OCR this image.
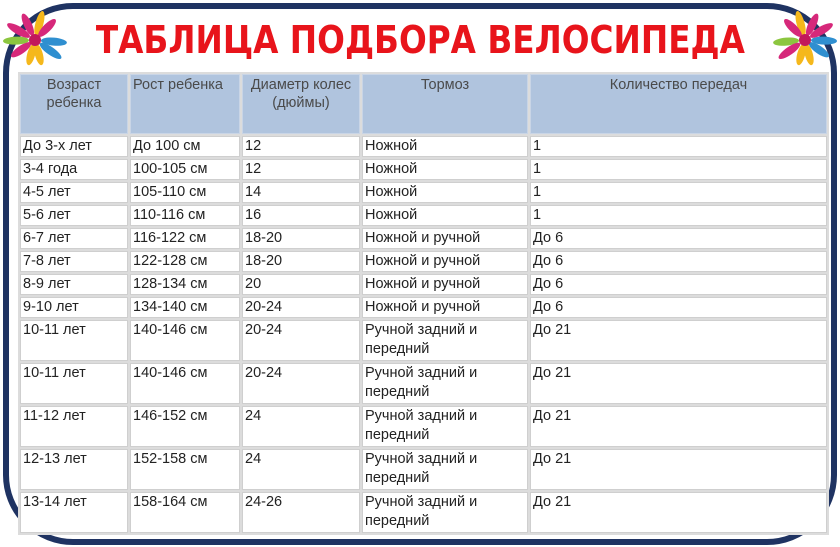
ТАБЛИЦА ПОДБОРА ВЕЛОСИПЕДА
Возраст ребенка	Рост ребенка	Диаметр колес (дюймы)	Тормоз	Количество передач
До 3-х лет	До 100 см	12	Ножной	1
3-4 года	100-105 см	12	Ножной	1
4-5 лет	105-110 см	14	Ножной	1
5-6 лет	110-116 см	16	Ножной	1
6-7 лет	116-122 см	18-20	Ножной и ручной	До 6
7-8 лет	122-128 см	18-20	Ножной и ручной	До 6
8-9 лет	128-134 см	20	Ножной и ручной	До 6
9-10 лет	134-140 см	20-24	Ножной и ручной	До 6
10-11 лет	140-146 см	20-24	Ручной задний и передний	До 21
10-11 лет	140-146 см	20-24	Ручной задний и передний	До 21
11-12 лет	146-152 см	24	Ручной задний и передний	До 21
12-13 лет	152-158 см	24	Ручной задний и передний	До 21
13-14 лет	158-164 см	24-26	Ручной задний и передний	До 21
